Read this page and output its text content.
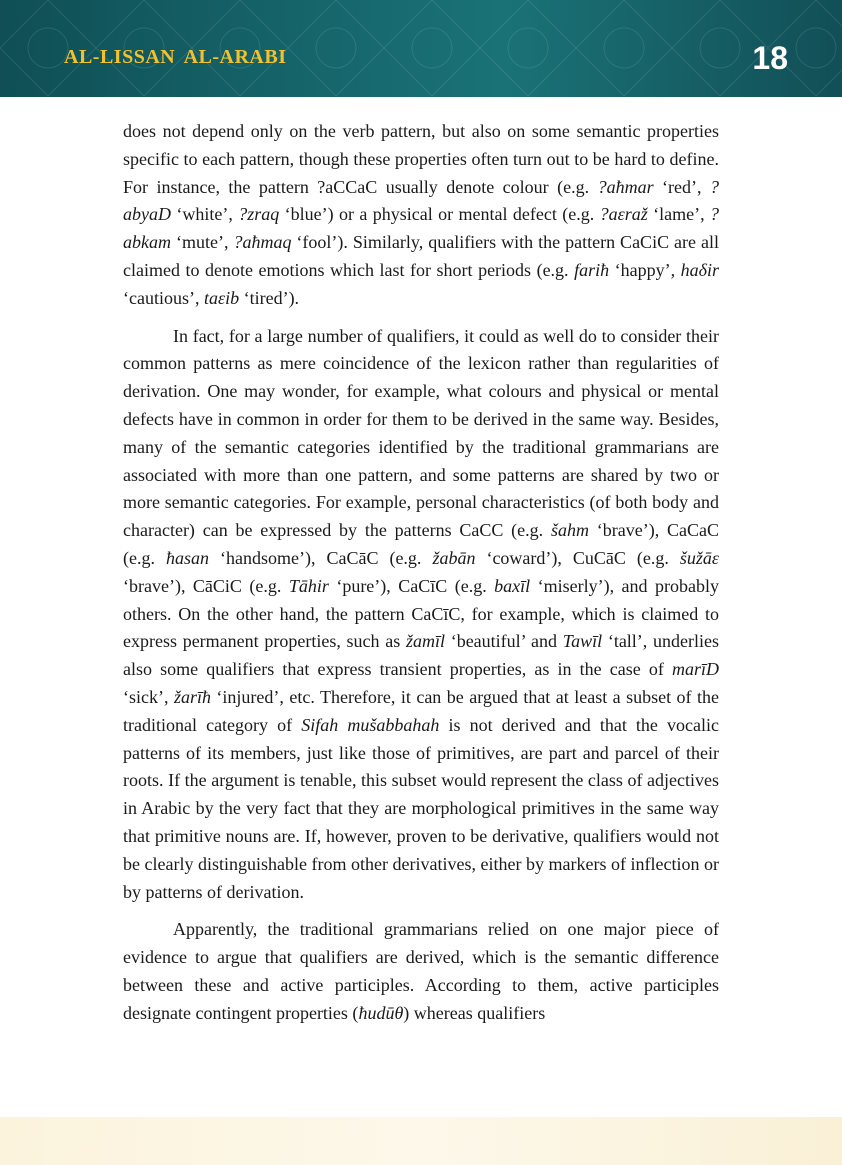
AL-LISSAN AL-ARABI	18

does not depend only on the verb pattern, but also on some semantic properties specific to each pattern, though these properties often turn out to be hard to define. For instance, the pattern ?aCCaC usually denote colour (e.g. ?aħmar ‘red’, ?abyaD ‘white’, ?zraq ‘blue’) or a physical or mental defect (e.g. ?aεraž ‘lame’, ?abkam ‘mute’, ?aħmaq ‘fool’). Similarly, qualifiers with the pattern CaCiC are all claimed to denote emotions which last for short periods (e.g. fariħ ‘happy’, haδir ‘cautious’, taεib ‘tired’).

In fact, for a large number of qualifiers, it could as well do to consider their common patterns as mere coincidence of the lexicon rather than regularities of derivation. One may wonder, for example, what colours and physical or mental defects have in common in order for them to be derived in the same way. Besides, many of the semantic categories identified by the traditional grammarians are associated with more than one pattern, and some patterns are shared by two or more semantic categories. For example, personal characteristics (of both body and character) can be expressed by the patterns CaCC (e.g. šahm ‘brave’), CaCaC (e.g. ħasan ‘handsome’), CaCāC (e.g. žabān ‘coward’), CuCāC (e.g. šužāε ‘brave’), CāCiC (e.g. Tāhir ‘pure’), CaCīC (e.g. baxīl ‘miserly’), and probably others. On the other hand, the pattern CaCīC, for example, which is claimed to express permanent properties, such as žamīl ‘beautiful’ and Tawīl ‘tall’, underlies also some qualifiers that express transient properties, as in the case of marīD ‘sick’, žarīħ ‘injured’, etc. Therefore, it can be argued that at least a subset of the traditional category of Sifah mušabbahah is not derived and that the vocalic patterns of its members, just like those of primitives, are part and parcel of their roots. If the argument is tenable, this subset would represent the class of adjectives in Arabic by the very fact that they are morphological primitives in the same way that primitive nouns are. If, however, proven to be derivative, qualifiers would not be clearly distinguishable from other derivatives, either by markers of inflection or by patterns of derivation.

Apparently, the traditional grammarians relied on one major piece of evidence to argue that qualifiers are derived, which is the semantic difference between these and active participles. According to them, active participles designate contingent properties (ħudūθ) whereas qualifiers
